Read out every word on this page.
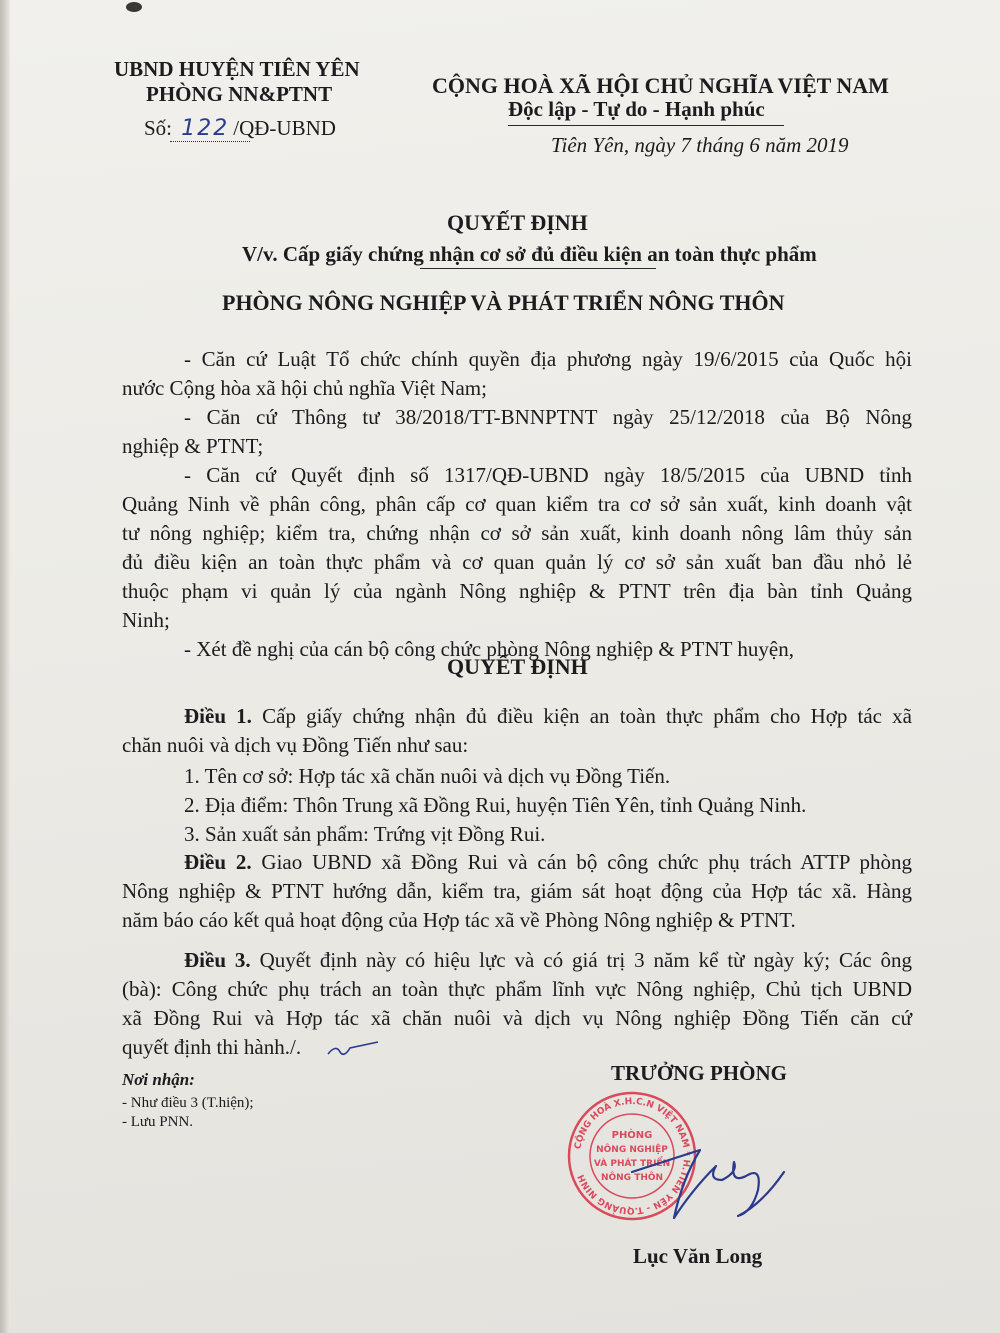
UBND HUYỆN TIÊN YÊN
PHÒNG NN&PTNT
Số: 122 /QĐ-UBND
CỘNG HOÀ XÃ HỘI CHỦ NGHĨA VIỆT NAM
Độc lập - Tự do - Hạnh phúc
Tiên Yên, ngày 7 tháng 6 năm 2019
QUYẾT ĐỊNH
V/v. Cấp giấy chứng nhận cơ sở đủ điều kiện an toàn thực phẩm
PHÒNG NÔNG NGHIỆP VÀ PHÁT TRIỂN NÔNG THÔN
- Căn cứ Luật Tổ chức chính quyền địa phương ngày 19/6/2015 của Quốc hội
nước Cộng hòa xã hội chủ nghĩa Việt Nam;
- Căn cứ Thông tư 38/2018/TT-BNNPTNT ngày 25/12/2018 của Bộ Nông
nghiệp & PTNT;
- Căn cứ Quyết định số 1317/QĐ-UBND ngày 18/5/2015 của UBND tỉnh
Quảng Ninh về phân công, phân cấp cơ quan kiểm tra cơ sở sản xuất, kinh doanh vật
tư nông nghiệp; kiểm tra, chứng nhận cơ sở sản xuất, kinh doanh nông lâm thủy sản
đủ điều kiện an toàn thực phẩm và cơ quan quản lý cơ sở sản xuất ban đầu nhỏ lẻ
thuộc phạm vi quản lý của ngành Nông nghiệp & PTNT trên địa bàn tỉnh Quảng
Ninh;
- Xét đề nghị của cán bộ công chức phòng Nông nghiệp & PTNT huyện,
QUYẾT ĐỊNH
Điều 1. Cấp giấy chứng nhận đủ điều kiện an toàn thực phẩm cho Hợp tác xã
chăn nuôi và dịch vụ Đồng Tiến như sau:
1. Tên cơ sở: Hợp tác xã chăn nuôi và dịch vụ Đồng Tiến.
2. Địa điểm: Thôn Trung xã Đồng Rui, huyện Tiên Yên, tỉnh Quảng Ninh.
3. Sản xuất sản phẩm: Trứng vịt Đồng Rui.
Điều 2. Giao UBND xã Đồng Rui và cán bộ công chức phụ trách ATTP phòng
Nông nghiệp & PTNT hướng dẫn, kiểm tra, giám sát hoạt động của Hợp tác xã. Hàng
năm báo cáo kết quả hoạt động của Hợp tác xã về Phòng Nông nghiệp & PTNT.
Điều 3. Quyết định này có hiệu lực và có giá trị 3 năm kể từ ngày ký; Các ông
(bà): Công chức phụ trách an toàn thực phẩm lĩnh vực Nông nghiệp, Chủ tịch UBND
xã Đồng Rui và Hợp tác xã chăn nuôi và dịch vụ Nông nghiệp Đồng Tiến căn cứ
quyết định thi hành./.
Nơi nhận:
- Như điều 3 (T.hiện);
- Lưu PNN.
TRƯỞNG PHÒNG
CỘNG HOÀ X.H.C.N VIỆT NAM * H.TIÊN YÊN - T.QUẢNG NINH
PHÒNG
NÔNG NGHIỆP
VÀ PHÁT TRIỂN
NÔNG THÔN
Lục Văn Long
